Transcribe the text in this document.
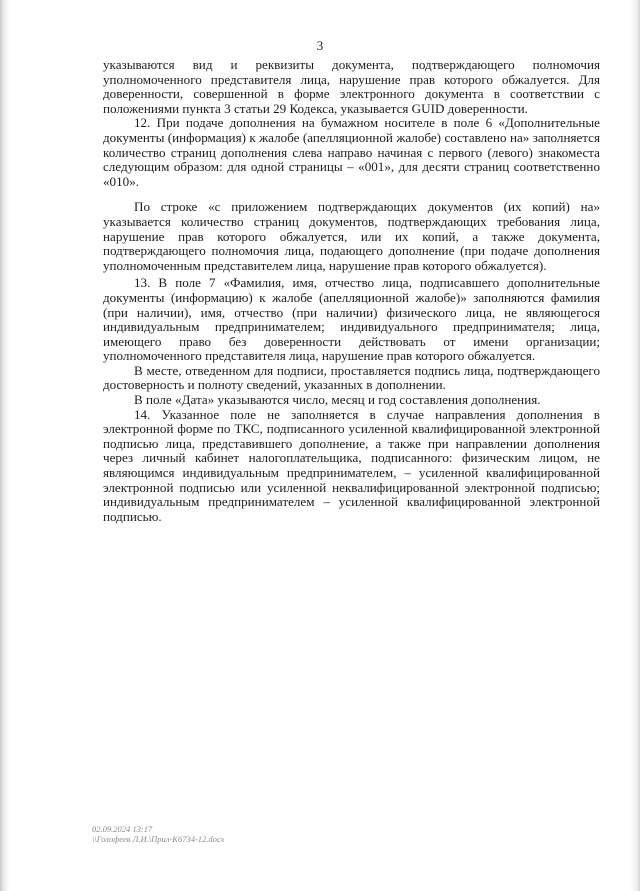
3

указываются вид и реквизиты документа, подтверждающего полномочия уполномоченного представителя лица, нарушение прав которого обжалуется. Для доверенности, совершенной в форме электронного документа в соответствии с положениями пункта 3 статьи 29 Кодекса, указывается GUID доверенности.

12. При подаче дополнения на бумажном носителе в поле 6 «Дополнительные документы (информация) к жалобе (апелляционной жалобе) составлено на» заполняется количество страниц дополнения слева направо начиная с первого (левого) знакоместа следующим образом: для одной страницы – «001», для десяти страниц соответственно «010».

По строке «с приложением подтверждающих документов (их копий) на» указывается количество страниц документов, подтверждающих требования лица, нарушение прав которого обжалуется, или их копий, а также документа, подтверждающего полномочия лица, подающего дополнение (при подаче дополнения уполномоченным представителем лица, нарушение прав которого обжалуется).

13. В поле 7 «Фамилия, имя, отчество лица, подписавшего дополнительные документы (информацию) к жалобе (апелляционной жалобе)» заполняются фамилия (при наличии), имя, отчество (при наличии) физического лица, не являющегося индивидуальным предпринимателем; индивидуального предпринимателя; лица, имеющего право без доверенности действовать от имени организации; уполномоченного представителя лица, нарушение прав которого обжалуется.

В месте, отведенном для подписи, проставляется подпись лица, подтверждающего достоверность и полноту сведений, указанных в дополнении.

В поле «Дата» указываются число, месяц и год составления дополнения.

14. Указанное поле не заполняется в случае направления дополнения в электронной форме по ТКС, подписанного усиленной квалифицированной электронной подписью лица, представившего дополнение, а также при направлении дополнения через личный кабинет налогоплательщика, подписанного: физическим лицом, не являющимся индивидуальным предпринимателем, – усиленной квалифицированной электронной подписью или усиленной неквалифицированной электронной подписью; индивидуальным предпринимателем – усиленной квалифицированной электронной подписью.

02.09.2024 13:17
\\Голофеев Л.И.\Прил-К6734-12.docx
